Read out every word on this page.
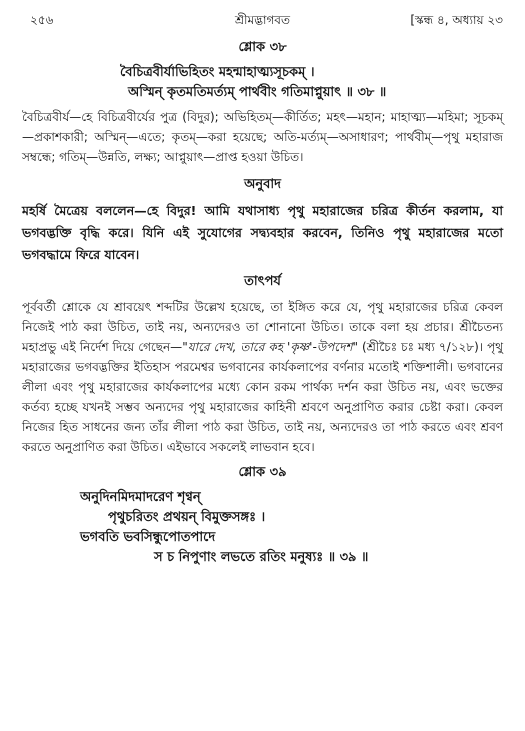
২৫৬	শ্রীমদ্ভাগবত	[স্কন্ধ ৪, অধ্যায় ২৩
শ্লোক ৩৮
বৈচিত্রবীর্যাভিহিতং মহন্মাহাত্ম্যসূচকম্ ।
অস্মিন্ কৃতমতিমর্ত্যম্ পার্থবীং গতিমাপ্নুয়াৎ ॥ ৩৮ ॥
বৈচিত্রবীর্য—হে বিচিত্রবীর্যের পুত্র (বিদুর); অভিহিতম্—কীর্তিত; মহৎ—মহান; মাহাত্ম্য—মহিমা; সূচকম্—প্রকাশকারী; অস্মিন্—এতে; কৃতম্—করা হয়েছে; অতি-মর্ত্যম্—অসাধারণ; পার্থবীম্—পৃথু মহারাজ সম্বন্ধে; গতিম্—উন্নতি, লক্ষ্য; আপ্নুয়াৎ—প্রাপ্ত হওয়া উচিত।
অনুবাদ
মহর্ষি মৈত্রেয় বললেন—হে বিদুর! আমি যথাসাধ্য পৃথু মহারাজের চরিত্র কীর্তন করলাম, যা ভগবদ্ভক্তি বৃদ্ধি করে। যিনি এই সুযোগের সদ্ব্যবহার করবেন, তিনিও পৃথু মহারাজের মতো ভগবদ্ধামে ফিরে যাবেন।
তাৎপর্য
পূর্ববর্তী শ্লোকে যে শ্রাবয়েৎ শব্দটির উল্লেখ হয়েছে, তা ইঙ্গিত করে যে, পৃথু মহারাজের চরিত্র কেবল নিজেই পাঠ করা উচিত, তাই নয়, অন্যদেরও তা শোনানো উচিত। তাকে বলা হয় প্রচার। শ্রীচৈতন্য মহাপ্রভু এই নির্দেশ দিয়ে গেছেন—"যারে দেখ, তারে কহ 'কৃষ্ণ'-উপদেশ" (শ্রীচৈঃ চঃ মধ্য ৭/১২৮)। পৃথু মহারাজের ভগবদ্ভক্তির ইতিহাস পরমেশ্বর ভগবানের কার্যকলাপের বর্ণনার মতোই শক্তিশালী। ভগবানের লীলা এবং পৃথু মহারাজের কার্যকলাপের মধ্যে কোন রকম পার্থক্য দর্শন করা উচিত নয়, এবং ভক্তের কর্তব্য হচ্ছে যখনই সম্ভব অন্যদের পৃথু মহারাজের কাহিনী শ্রবণে অনুপ্রাণিত করার চেষ্টা করা। কেবল নিজের হিত সাধনের জন্য তাঁর লীলা পাঠ করা উচিত, তাই নয়, অন্যদেরও তা পাঠ করতে এবং শ্রবণ করতে অনুপ্রাণিত করা উচিত। এইভাবে সকলেই লাভবান হবে।
শ্লোক ৩৯
অনুদিনমিদমাদরেণ শৃণ্বন্
পৃথুচরিতং প্রথয়ন্ বিমুক্তসঙ্গঃ ।
ভগবতি ভবসিন্ধুপোতপাদে
স চ নিপুণাং লভতে রতিং মনুষ্যঃ ॥ ৩৯ ॥
